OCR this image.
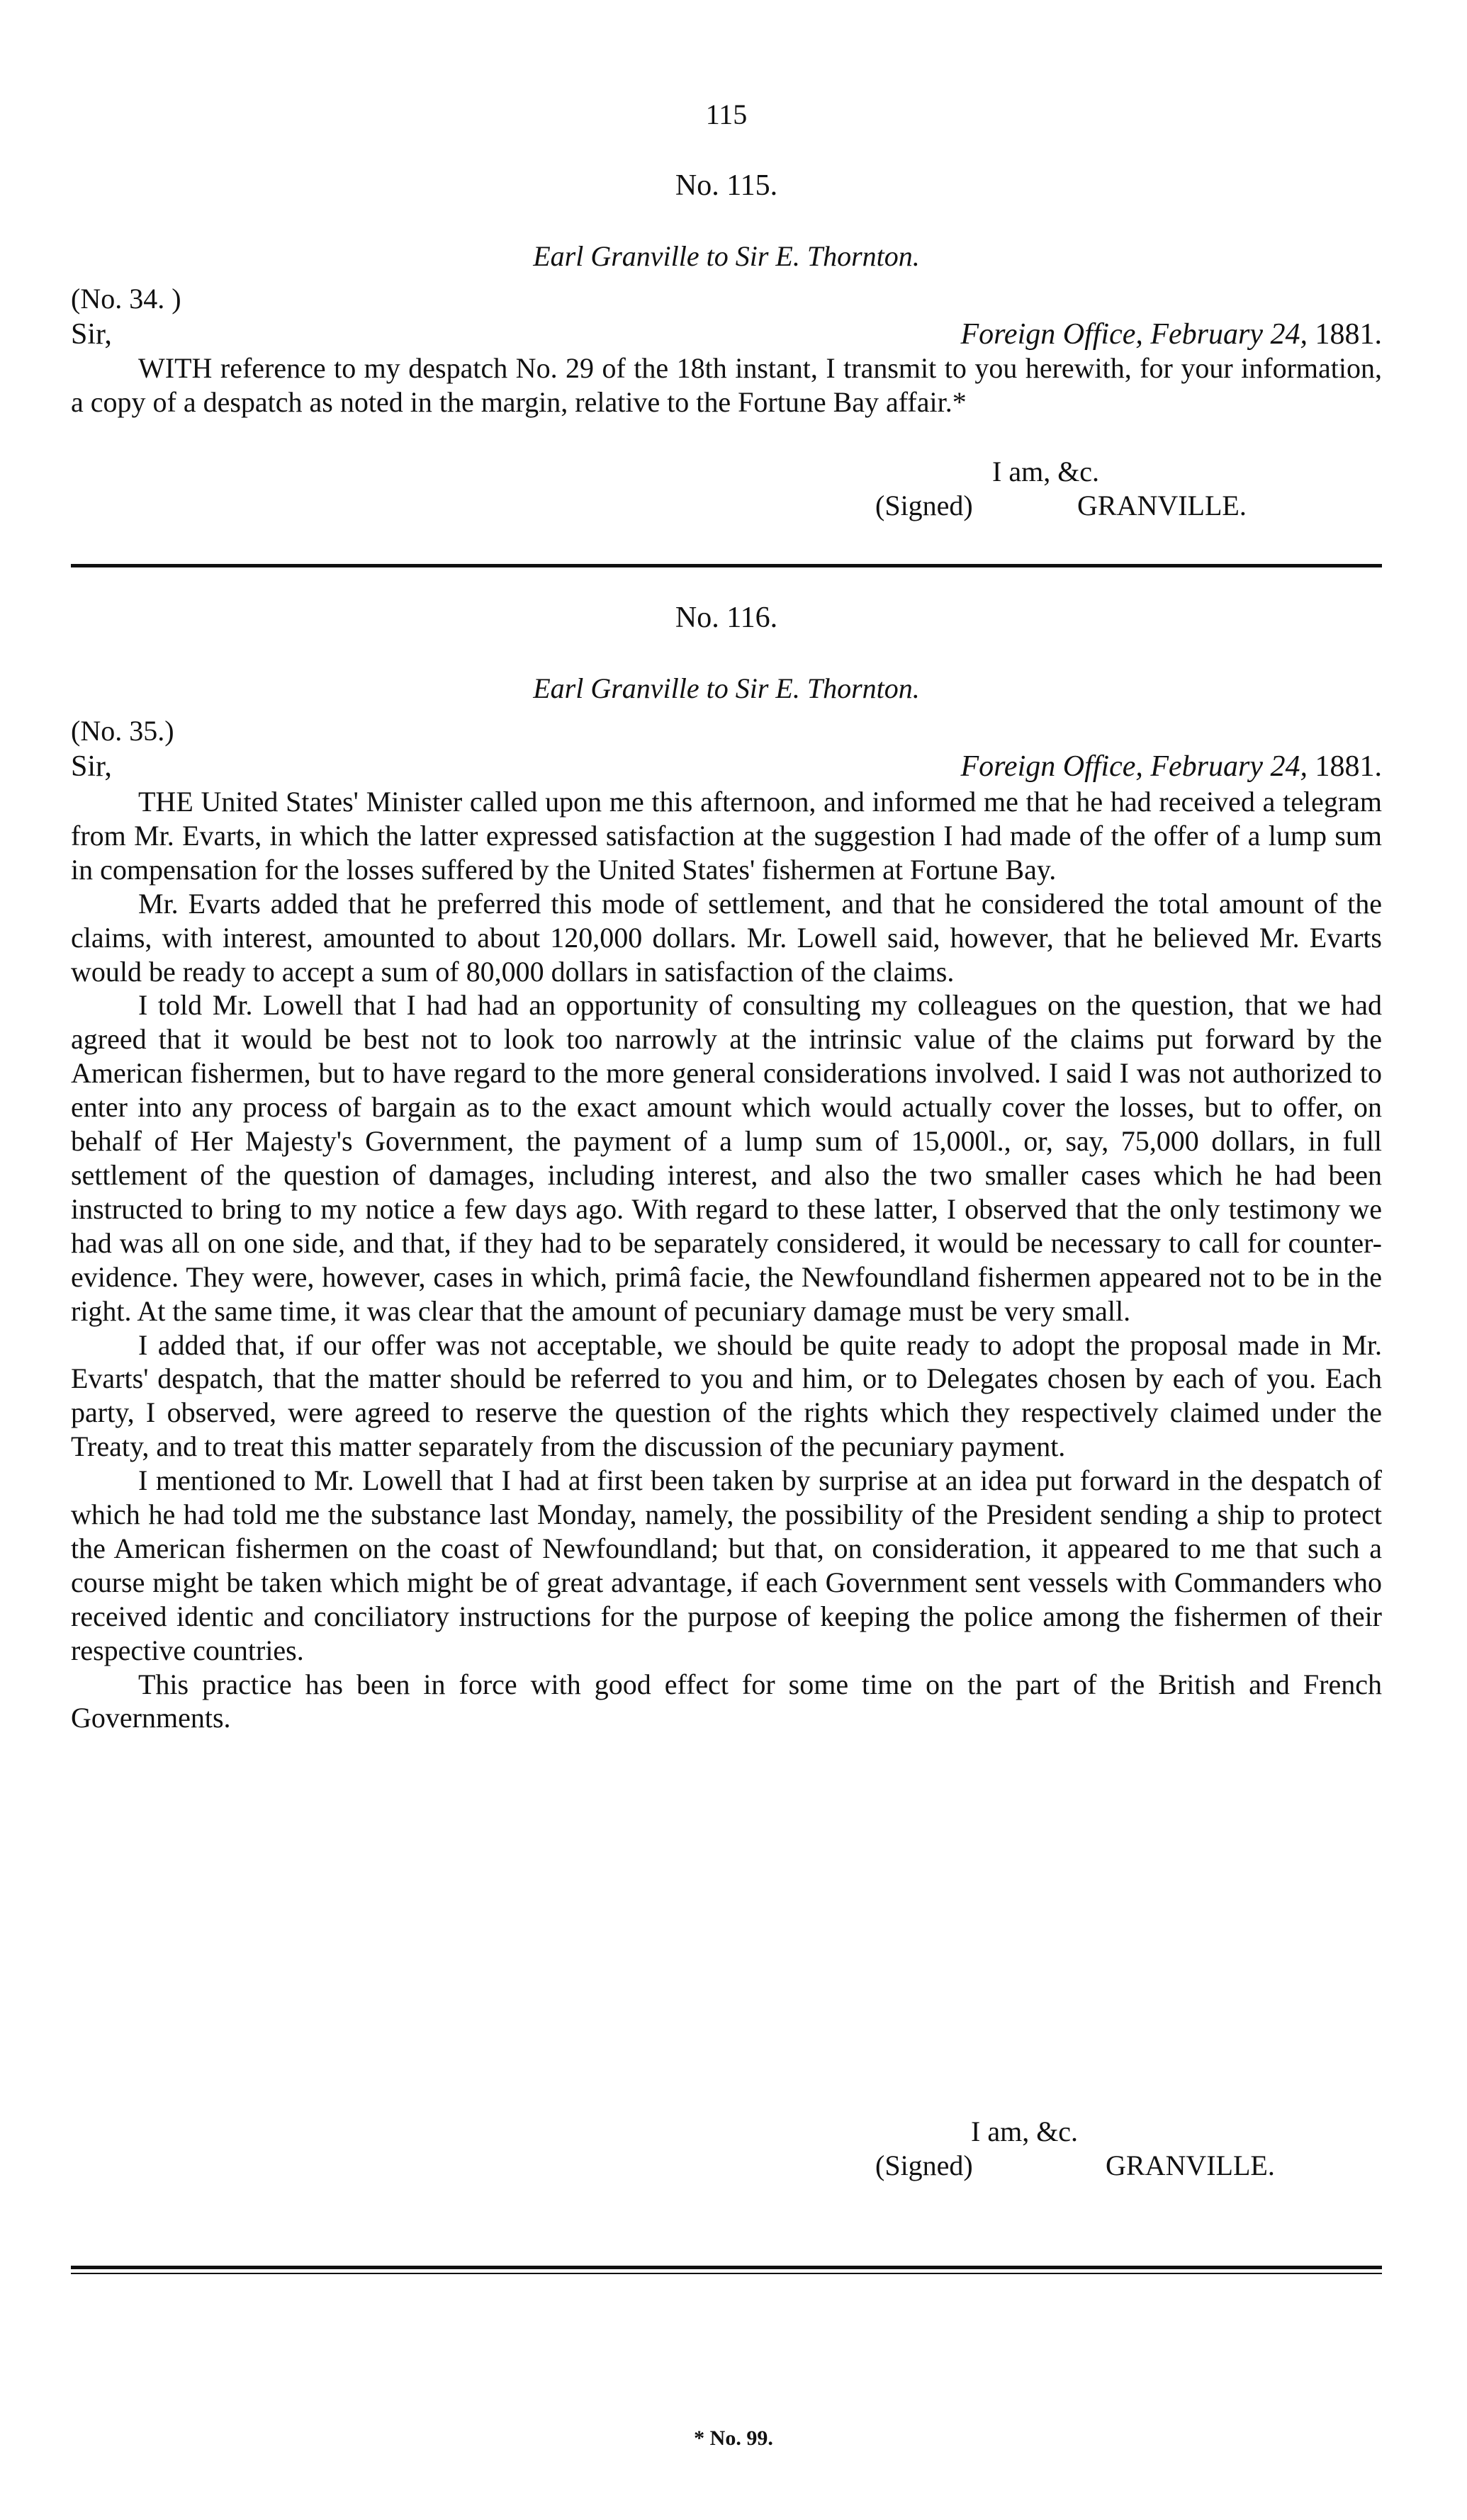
115
No. 115.
Earl Granville to Sir E. Thornton.
(No. 34. )
Sir,	Foreign Office, February 24, 1881.

WITH reference to my despatch No. 29 of the 18th instant, I transmit to you herewith, for your information, a copy of a despatch as noted in the margin, relative to the Fortune Bay affair.*

I am, &c.
(Signed)	GRANVILLE.
No. 116.
Earl Granville to Sir E. Thornton.
(No. 35.)
Sir,	Foreign Office, February 24, 1881.

THE United States' Minister called upon me this afternoon, and informed me that he had received a telegram from Mr. Evarts, in which the latter expressed satisfaction at the suggestion I had made of the offer of a lump sum in compensation for the losses suffered by the United States' fishermen at Fortune Bay.

Mr. Evarts added that he preferred this mode of settlement, and that he considered the total amount of the claims, with interest, amounted to about 120,000 dollars. Mr. Lowell said, however, that he believed Mr. Evarts would be ready to accept a sum of 80,000 dollars in satisfaction of the claims.

I told Mr. Lowell that I had had an opportunity of consulting my colleagues on the question, that we had agreed that it would be best not to look too narrowly at the intrinsic value of the claims put forward by the American fishermen, but to have regard to the more general considerations involved. I said I was not authorized to enter into any process of bargain as to the exact amount which would actually cover the losses, but to offer, on behalf of Her Majesty's Government, the payment of a lump sum of 15,000l., or, say, 75,000 dollars, in full settlement of the question of damages, including interest, and also the two smaller cases which he had been instructed to bring to my notice a few days ago. With regard to these latter, I observed that the only testimony we had was all on one side, and that, if they had to be separately considered, it would be necessary to call for counter-evidence. They were, however, cases in which, primâ facie, the Newfoundland fishermen appeared not to be in the right. At the same time, it was clear that the amount of pecuniary damage must be very small.

I added that, if our offer was not acceptable, we should be quite ready to adopt the proposal made in Mr. Evarts' despatch, that the matter should be referred to you and him, or to Delegates chosen by each of you. Each party, I observed, were agreed to reserve the question of the rights which they respectively claimed under the Treaty, and to treat this matter separately from the discussion of the pecuniary payment.

I mentioned to Mr. Lowell that I had at first been taken by surprise at an idea put forward in the despatch of which he had told me the substance last Monday, namely, the possibility of the President sending a ship to protect the American fishermen on the coast of Newfoundland; but that, on consideration, it appeared to me that such a course might be taken which might be of great advantage, if each Government sent vessels with Commanders who received identic and conciliatory instructions for the purpose of keeping the police among the fishermen of their respective countries.

This practice has been in force with good effect for some time on the part of the British and French Governments.

I am, &c.
(Signed)	GRANVILLE.
* No. 99.
